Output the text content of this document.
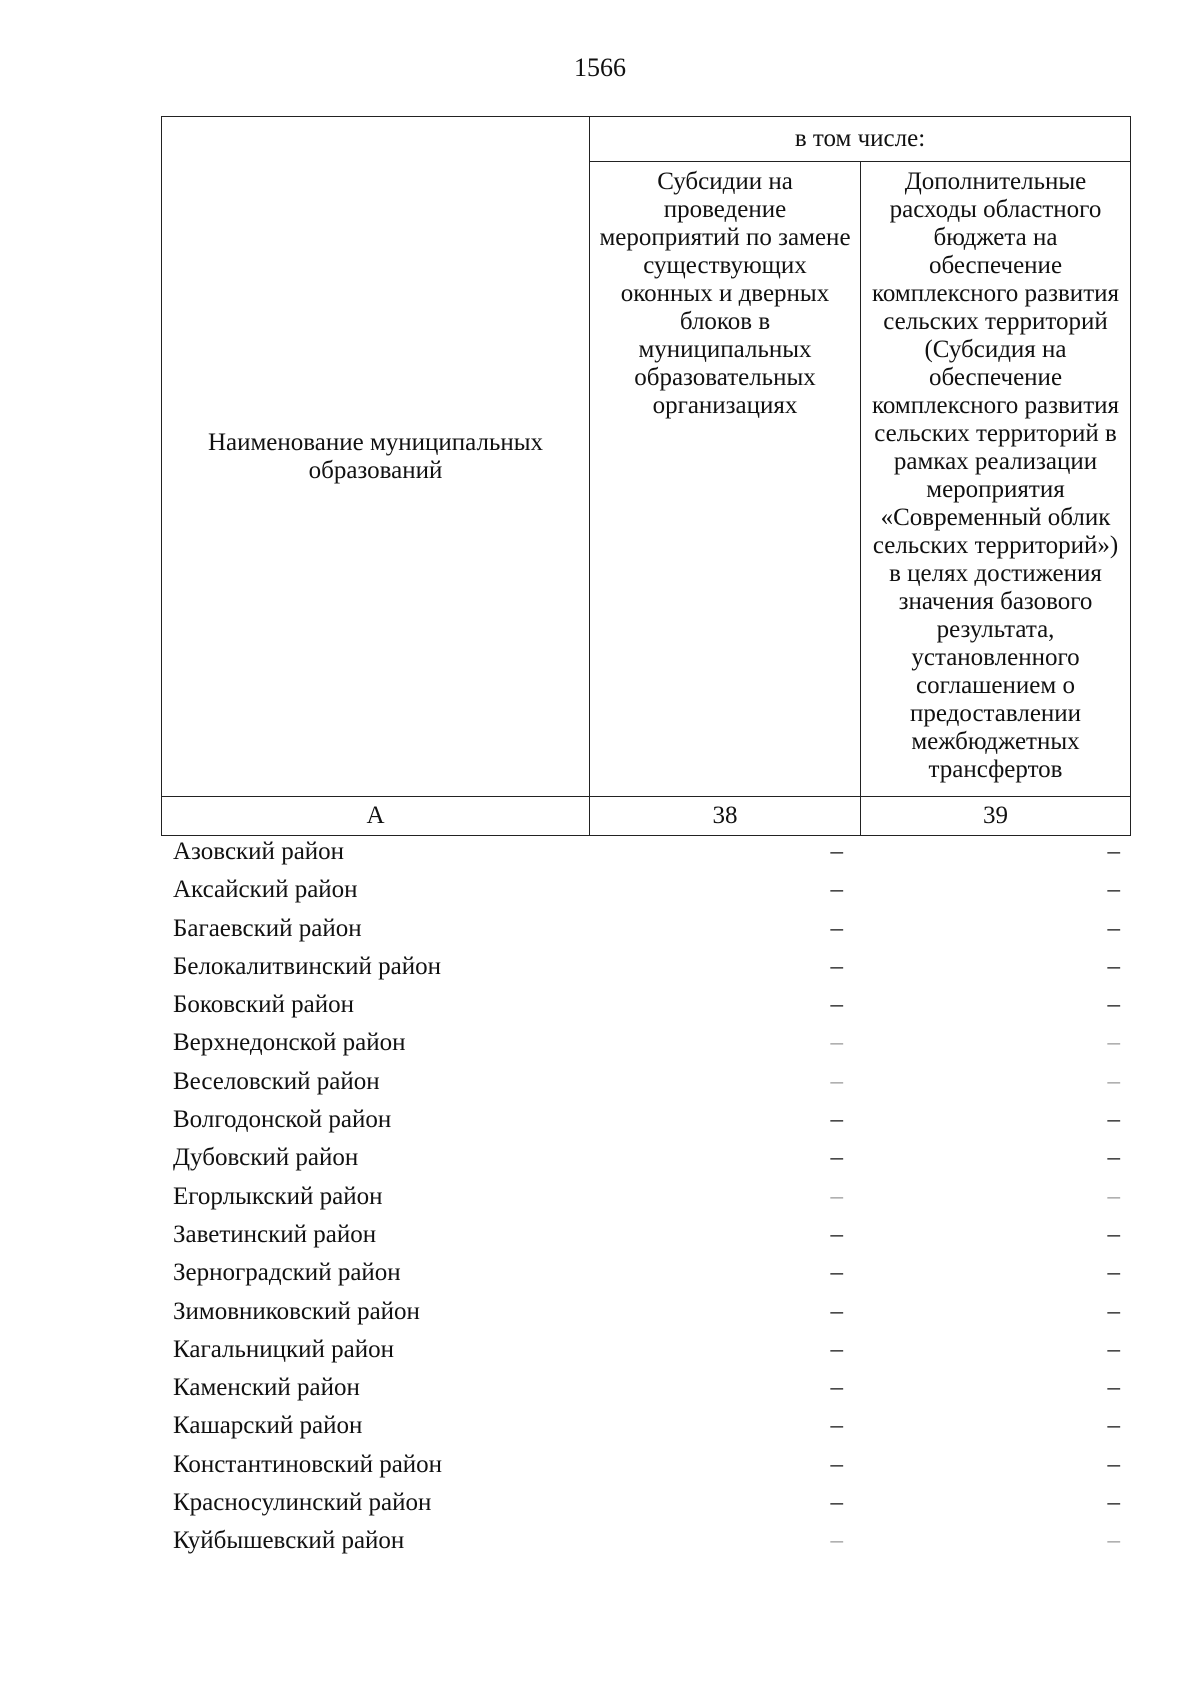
1566
Наименование муниципальных образований	в том числе:	
	Субсидии на проведение мероприятий по замене существующих оконных и дверных блоков в муниципальных образовательных организациях	Дополнительные расходы областного бюджета на обеспечение комплексного развития сельских территорий (Субсидия на обеспечение комплексного развития сельских территорий в рамках реализации мероприятия «Современный облик сельских территорий») в целях достижения значения базового результата, установленного соглашением о предоставлении межбюджетных трансфертов
А	38	39
Азовский район	–	–
Аксайский район	–	–
Багаевский район	–	–
Белокалитвинский район	–	–
Боковский район	–	–
Верхнедонской район	–	–
Веселовский район	–	–
Волгодонской район	–	–
Дубовский район	–	–
Егорлыкский район	–	–
Заветинский район	–	–
Зерноградский район	–	–
Зимовниковский район	–	–
Кагальницкий район	–	–
Каменский район	–	–
Кашарский район	–	–
Константиновский район	–	–
Красносулинский район	–	–
Куйбышевский район	–	–
